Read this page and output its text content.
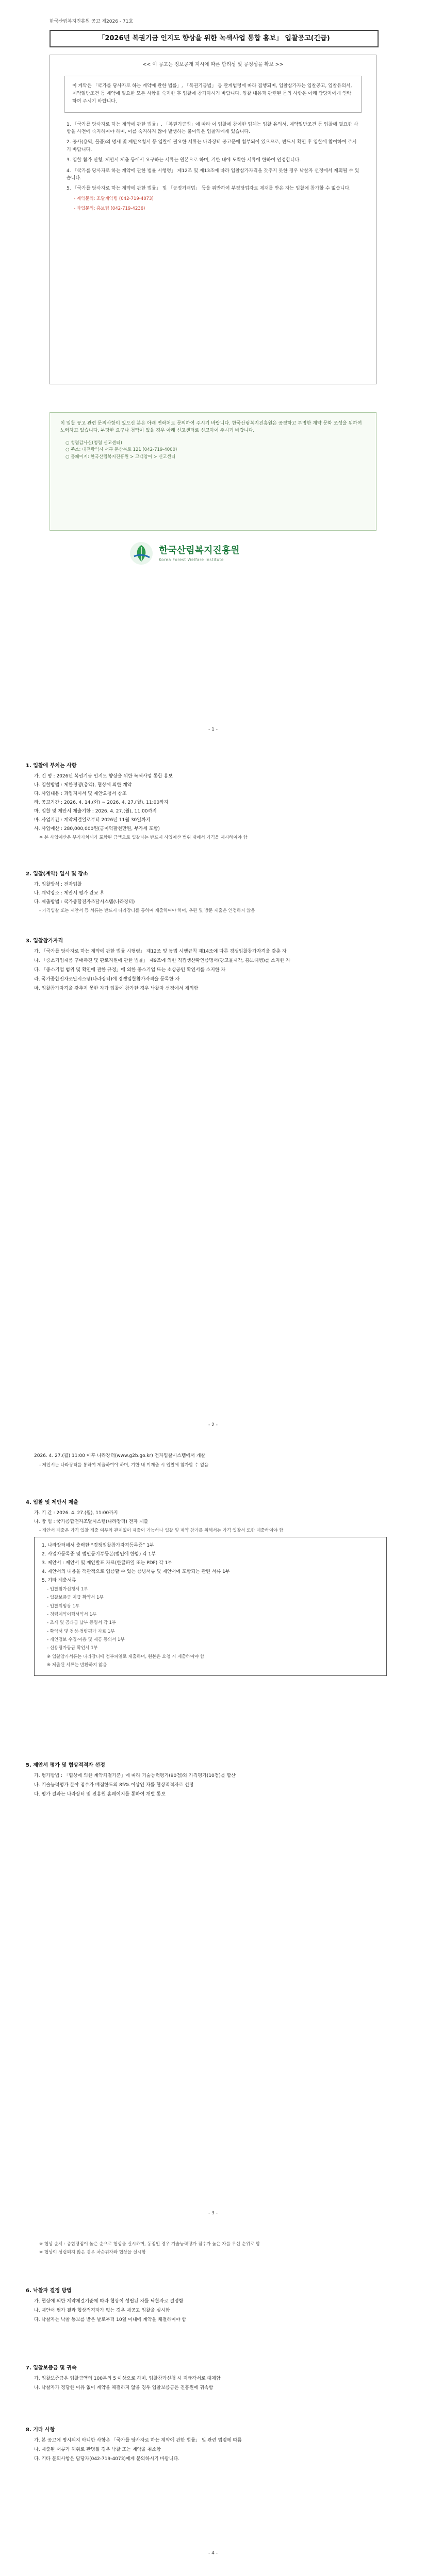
한국산림복지진흥원 공고 제2026 - 71호
「2026년 복권기금 인지도 향상을 위한 녹색사업 통합 홍보」 입찰공고(긴급)
<< 이 공고는 정보공개 지시에 따른 합리성 및 공정성을 확보 >>
이 계약은 「국가를 당사자로 하는 계약에 관한 법률」, 「복권기금법」 등 관계법령에 따라 집행되며, 입찰참가자는 입찰공고, 입찰유의서, 계약일반조건 등 계약에 필요한 모든 사항을 숙지한 후 입찰에 참가하시기 바랍니다. 입찰 내용과 관련된 문의 사항은 아래 담당자에게 연락하여 주시기 바랍니다.
1. 「국가를 당사자로 하는 계약에 관한 법률」, 「복권기금법」에 따라 이 입찰에 참여한 업체는 입찰 유의서, 계약일반조건 등 입찰에 필요한 사항을 사전에 숙지하여야 하며, 이를 숙지하지 않아 발생하는 불이익은 입찰자에게 있습니다.
2. 공사(용역, 물품)의 명세 및 제안요청서 등 입찰에 필요한 서류는 나라장터 공고문에 첨부되어 있으므로, 반드시 확인 후 입찰에 참여하여 주시기 바랍니다.
3. 입찰 참가 신청, 제안서 제출 등에서 요구하는 서류는 원본으로 하며, 기한 내에 도착한 서류에 한하여 인정합니다.
4. 「국가를 당사자로 하는 계약에 관한 법률 시행령」 제12조 및 제13조에 따라 입찰참가자격을 갖추지 못한 경우 낙찰자 선정에서 제외될 수 있습니다.
5. 「국가를 당사자로 하는 계약에 관한 법률」 및 「공정거래법」 등을 위반하여 부정당업자로 제재를 받은 자는 입찰에 참가할 수 없습니다.
- 계약문의: 조달계약팀 (042-719-4073)
- 과업문의: 홍보팀 (042-719-4236)
이 입찰 공고 관련 문의사항이 있으신 분은 아래 연락처로 문의하여 주시기 바랍니다. 한국산림복지진흥원은 공정하고 투명한 계약 문화 조성을 위하여 노력하고 있습니다. 부당한 요구나 청탁이 있을 경우 아래 신고센터로 신고하여 주시기 바랍니다.
○ 청렴감사실(청렴 신고센터)
○ 주소: 대전광역시 서구 둔산북로 121 (042-719-4000)
○ 홈페이지: 한국산림복지진흥원 > 고객참여 > 신고센터
한국산림복지진흥원
Korea Forest Welfare Institute
- 1 -
1. 입찰에 부치는 사항
가. 건 명 : 2026년 복권기금 인지도 향상을 위한 녹색사업 통합 홍보
나. 입찰방법 : 제한경쟁(총액), 협상에 의한 계약
다. 사업내용 : 과업지시서 및 제안요청서 참조
라. 공고기간 : 2026. 4. 14.(화) ~ 2026. 4. 27.(월), 11:00까지
마. 입찰 및 제안서 제출기한 : 2026. 4. 27.(월), 11:00까지
바. 사업기간 : 계약체결일로부터 2026년 11월 30일까지
사. 사업예산 : 280,000,000원(금이억팔천만원, 부가세 포함)
※ 본 사업예산은 부가가치세가 포함된 금액으로 입찰자는 반드시 사업예산 범위 내에서 가격을 제시하여야 함
2. 입찰(계약) 일시 및 장소
가. 입찰방식 : 전자입찰
나. 계약장소 : 제안서 평가 완료 후
다. 제출방법 : 국가종합전자조달시스템(나라장터)
- 가격입찰 또는 제안서 등 서류는 반드시 나라장터를 통하여 제출하여야 하며, 우편 및 방문 제출은 인정하지 않음
3. 입찰참가자격
가. 「국가를 당사자로 하는 계약에 관한 법률 시행령」 제12조 및 동법 시행규칙 제14조에 따른 경쟁입찰참가자격을 갖춘 자
나. 「중소기업제품 구매촉진 및 판로지원에 관한 법률」 제9조에 의한 직접생산확인증명서(광고물제작, 홍보대행)를 소지한 자
다. 「중소기업 범위 및 확인에 관한 규정」에 의한 중소기업 또는 소상공인 확인서를 소지한 자
라. 국가종합전자조달시스템(나라장터)에 경쟁입찰참가자격을 등록한 자
마. 입찰참가자격을 갖추지 못한 자가 입찰에 참가한 경우 낙찰자 선정에서 제외함
- 2 -
2026. 4. 27.(월) 11:00 이후 나라장터(www.g2b.go.kr) 전자입찰시스템에서 개찰
- 제안서는 나라장터를 통하여 제출하여야 하며, 기한 내 미제출 시 입찰에 참가할 수 없음
4. 입찰 및 제안서 제출
가. 기 간 : 2026. 4. 27.(월), 11:00까지
나. 방 법 : 국가종합전자조달시스템(나라장터) 전자 제출
- 제안서 제출은 가격 입찰 제출 여부와 관계없이 제출이 가능하나 입찰 및 계약 참가를 위해서는 가격 입찰서 또한 제출하여야 함
1. 나라장터에서 출력한 “경쟁입찰참가자격등록증” 1부
2. 사업자등록증 및 법인등기부등본(법인에 한함) 각 1부
3. 제안서 : 제안서 및 제안발표 자료(한글파일 또는 PDF) 각 1부
4. 제안서의 내용을 객관적으로 입증할 수 있는 증빙서류 및 제안서에 포함되는 관련 서류 1부
5. 기타 제출서류
- 입찰참가신청서 1부
- 입찰보증금 지급 확약서 1부
- 입찰위임장 1부
- 청렴계약이행서약서 1부
- 조세 및 공과금 납부 증명서 각 1부
- 확약서 및 정성·정량평가 자료 1부
- 개인정보 수집·이용 및 제공 동의서 1부
- 신용평가등급 확인서 1부
※ 입찰참가서류는 나라장터에 첨부파일로 제출하며, 원본은 요청 시 제출하여야 함
※ 제출된 서류는 반환하지 않음
5. 제안서 평가 및 협상적격자 선정
가. 평가방법 : 「협상에 의한 계약체결기준」에 따라 기술능력평가(90점)와 가격평가(10점)를 합산
나. 기술능력평가 분야 점수가 배점한도의 85% 이상인 자를 협상적격자로 선정
다. 평가 결과는 나라장터 및 진흥원 홈페이지를 통하여 개별 통보
- 3 -
※ 협상 순서 : 종합평점이 높은 순으로 협상을 실시하며, 동점인 경우 기술능력평가 점수가 높은 자를 우선 순위로 함
※ 협상이 성립되지 않은 경우 차순위자와 협상을 실시함
6. 낙찰자 결정 방법
가. 협상에 의한 계약체결기준에 따라 협상이 성립된 자를 낙찰자로 결정함
나. 제안서 평가 결과 협상적격자가 없는 경우 재공고 입찰을 실시함
다. 낙찰자는 낙찰 통보를 받은 날로부터 10일 이내에 계약을 체결하여야 함
7. 입찰보증금 및 귀속
가. 입찰보증금은 입찰금액의 100분의 5 이상으로 하며, 입찰참가신청 시 지급각서로 대체함
나. 낙찰자가 정당한 이유 없이 계약을 체결하지 않을 경우 입찰보증금은 진흥원에 귀속함
8. 기타 사항
가. 본 공고에 명시되지 아니한 사항은 「국가를 당사자로 하는 계약에 관한 법률」 및 관련 법령에 따름
나. 제출된 서류가 허위로 판명될 경우 낙찰 또는 계약을 취소함
다. 기타 문의사항은 담당자(042-719-4073)에게 문의하시기 바랍니다.
- 4 -
